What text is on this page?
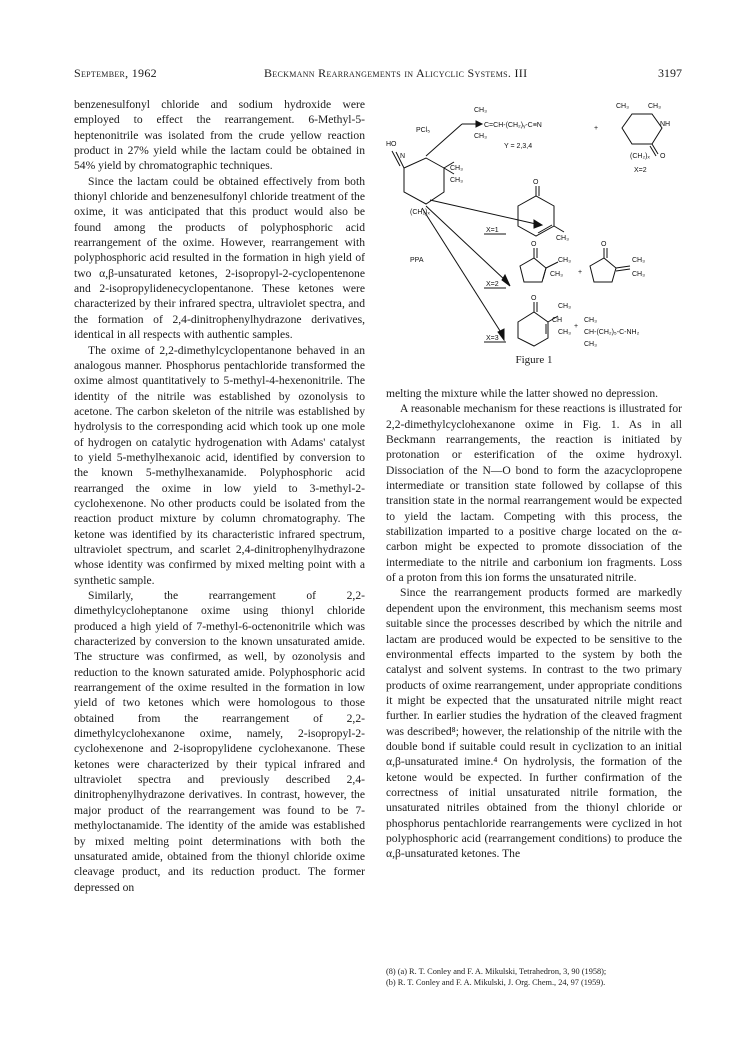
September, 1962	Beckmann Rearrangements in Alicyclic Systems. III	3197

benzenesulfonyl chloride and sodium hydroxide were employed to effect the rearrangement. 6-Methyl-5-heptenonitrile was isolated from the crude yellow reaction product in 27% yield while the lactam could be obtained in 54% yield by chromatographic techniques.

Since the lactam could be obtained effectively from both thionyl chloride and benzenesulfonyl chloride treatment of the oxime, it was anticipated that this product would also be found among the products of polyphosphoric acid rearrangement of the oxime. However, rearrangement with polyphosphoric acid resulted in the formation in high yield of two α,β-unsaturated ketones, 2-isopropyl-2-cyclopentenone and 2-isopropylidenecyclopentanone. These ketones were characterized by their infrared spectra, ultraviolet spectra, and the formation of 2,4-dinitrophenylhydrazone derivatives, identical in all respects with authentic samples.

The oxime of 2,2-dimethylcyclopentanone behaved in an analogous manner. Phosphorus pentachloride transformed the oxime almost quantitatively to 5-methyl-4-hexenonitrile. The identity of the nitrile was established by ozonolysis to acetone. The carbon skeleton of the nitrile was established by hydrolysis to the corresponding acid which took up one mole of hydrogen on catalytic hydrogenation with Adams' catalyst to yield 5-methylhexanoic acid, identified by conversion to the known 5-methylhexanamide. Polyphosphoric acid rearranged the oxime in low yield to 3-methyl-2-cyclohexenone. No other products could be isolated from the reaction product mixture by column chromatography. The ketone was identified by its characteristic infrared spectrum, ultraviolet spectrum, and scarlet 2,4-dinitrophenylhydrazone whose identity was confirmed by mixed melting point with a synthetic sample.

Similarly, the rearrangement of 2,2-dimethylcycloheptanone oxime using thionyl chloride produced a high yield of 7-methyl-6-octenonitrile which was characterized by conversion to the known unsaturated amide. The structure was confirmed, as well, by ozonolysis and reduction to the known saturated amide. Polyphosphoric acid rearrangement of the oxime resulted in the formation in low yield of two ketones which were homologous to those obtained from the rearrangement of 2,2-dimethylcyclohexanone oxime, namely, 2-isopropyl-2-cyclohexenone and 2-isopropylidene cyclohexanone. These ketones were characterized by their typical infrared and ultraviolet spectra and previously described 2,4-dinitrophenylhydrazone derivatives. In contrast, however, the major product of the rearrangement was found to be 7-methyloctanamide. The identity of the amide was established by mixed melting point determinations with both the unsaturated amide, obtained from the thionyl chloride oxime cleavage product, and its reduction product. The former depressed on

PCl₅
PPA
CH₃
CH₃
C=CH-(CH₂)ᵧ-C≡N
Y = 2,3,4
+
HO
N
CH₃
CH₃
(CH₂)ₓ
CH₃	CH₃
NH
O
(CH₂)ₓ
X=2
X=1
O
CH₃
X=2
O
CH₃
CH₃ +
O
CH₃
CH₃
X=3
O
CH₃
CH
CH₃
+
CH₃
CH-(CH₂)₅-C-NH₂
CH₃
Figure 1

melting the mixture while the latter showed no depression.

A reasonable mechanism for these reactions is illustrated for 2,2-dimethylcyclohexanone oxime in Fig. 1. As in all Beckmann rearrangements, the reaction is initiated by protonation or esterification of the oxime hydroxyl. Dissociation of the N—O bond to form the azacyclopropene intermediate or transition state followed by collapse of this transition state in the normal rearrangement would be expected to yield the lactam. Competing with this process, the stabilization imparted to a positive charge located on the α-carbon might be expected to promote dissociation of the intermediate to the nitrile and carbonium ion fragments. Loss of a proton from this ion forms the unsaturated nitrile.

Since the rearrangement products formed are markedly dependent upon the environment, this mechanism seems most suitable since the processes described by which the nitrile and lactam are produced would be expected to be sensitive to the environmental effects imparted to the system by both the catalyst and solvent systems. In contrast to the two primary products of oxime rearrangement, under appropriate conditions it might be expected that the unsaturated nitrile might react further. In earlier studies the hydration of the cleaved fragment was described⁸; however, the relationship of the nitrile with the double bond if suitable could result in cyclization to an initial α,β-unsaturated imine.⁴ On hydrolysis, the formation of the ketone would be expected. In further confirmation of the correctness of initial unsaturated nitrile formation, the unsaturated nitriles obtained from the thionyl chloride or phosphorus pentachloride rearrangements were cyclized in hot polyphosphoric acid (rearrangement conditions) to produce the α,β-unsaturated ketones. The

(8) (a) R. T. Conley and F. A. Mikulski, Tetrahedron, 3, 90 (1958);

(b) R. T. Conley and F. A. Mikulski, J. Org. Chem., 24, 97 (1959).
